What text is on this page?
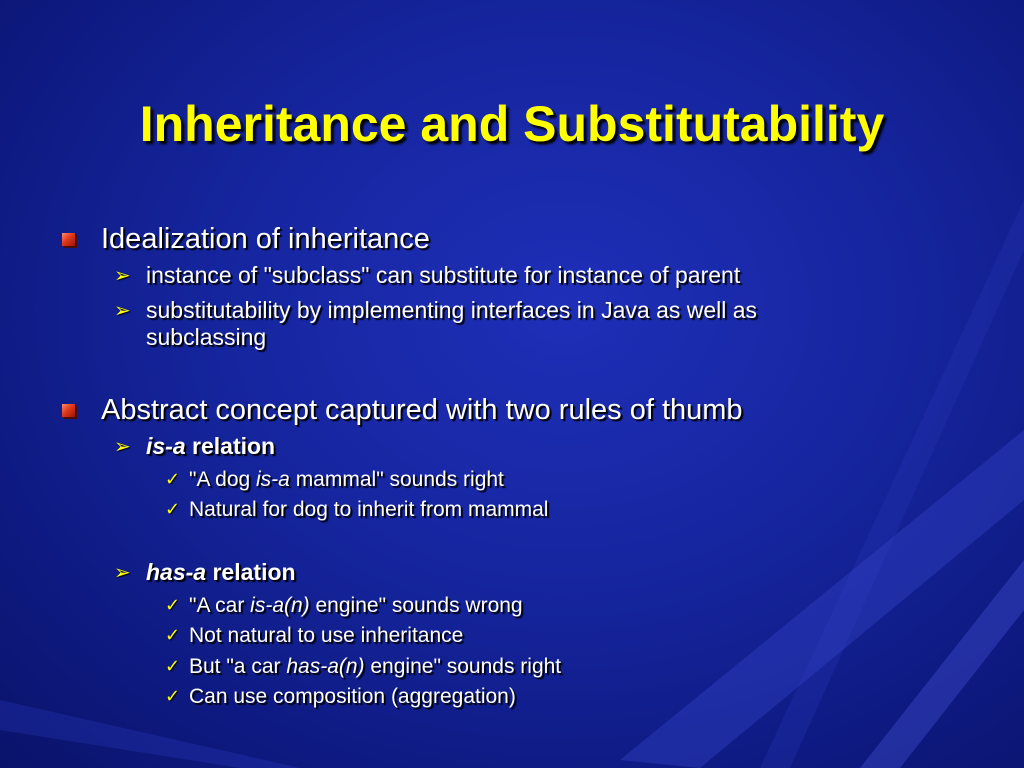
Inheritance and Substitutability

Idealization of inheritance

➢ instance of "subclass" can substitute for instance of parent

➢ substitutability by implementing interfaces in Java as well as

subclassing

Abstract concept captured with two rules of thumb

➢ is-a relation

✓ "A dog is-a mammal" sounds right

✓ Natural for dog to inherit from mammal

➢ has-a relation

✓ "A car is-a(n) engine" sounds wrong

✓ Not natural to use inheritance

✓ But "a car has-a(n) engine" sounds right

✓ Can use composition (aggregation)
